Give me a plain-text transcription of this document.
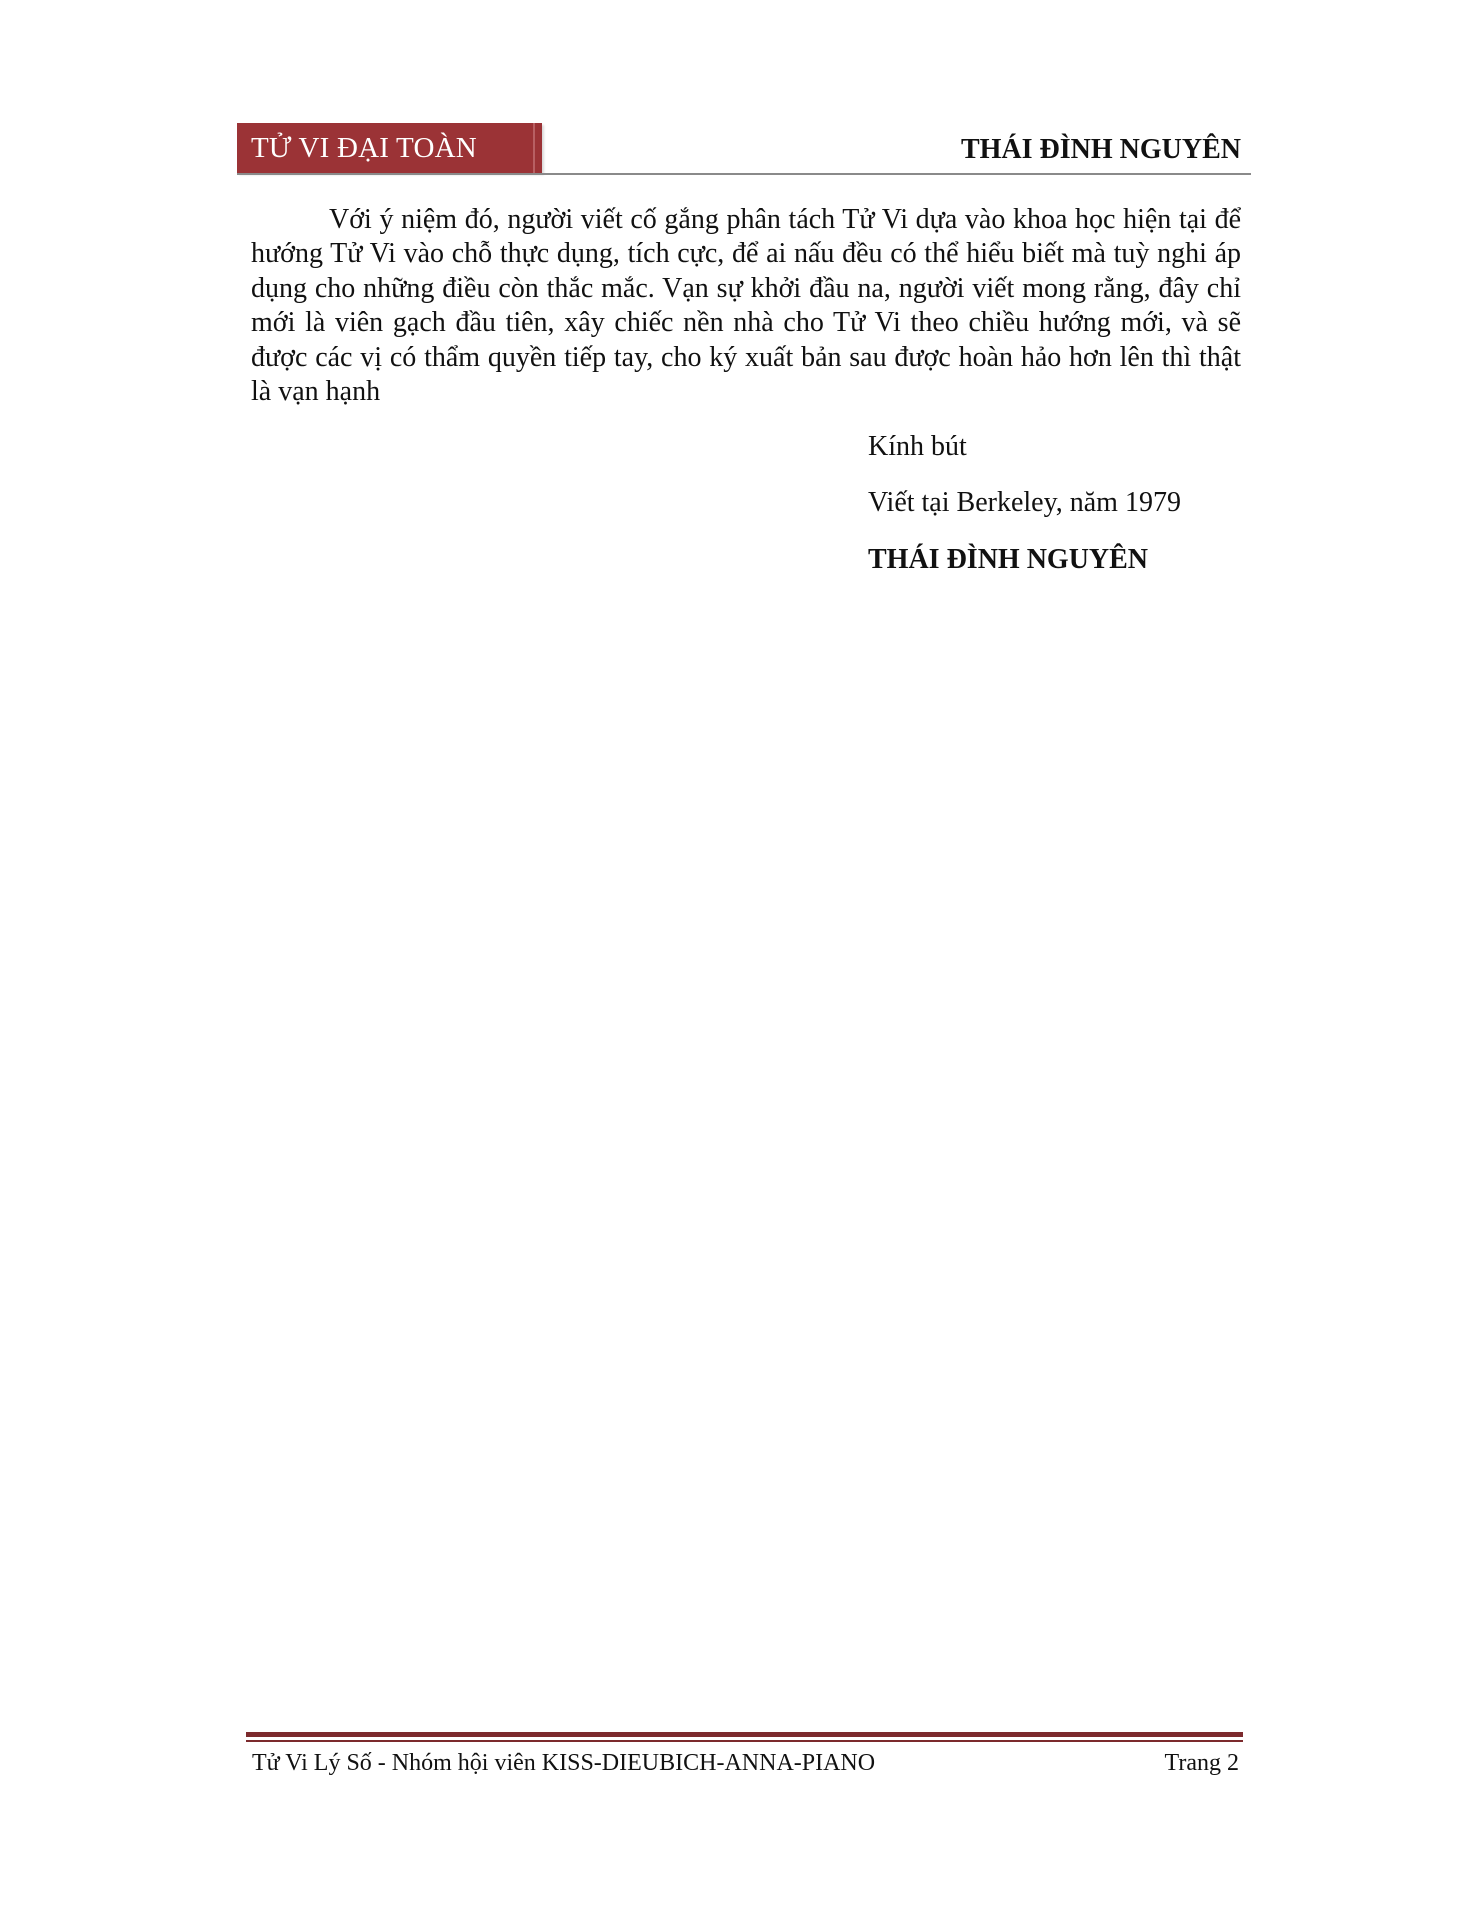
TỬ VI ĐẠI TOÀN	THÁI ĐÌNH NGUYÊN

Với ý niệm đó, người viết cố gắng phân tách Tử Vi dựa vào khoa học hiện tại để hướng Tử Vi vào chỗ thực dụng, tích cực, để ai nấu đều có thể hiểu biết mà tuỳ nghi áp dụng cho những điều còn thắc mắc. Vạn sự khởi đầu na, người viết mong rằng, đây chỉ mới là viên gạch đầu tiên, xây chiếc nền nhà cho Tử Vi theo chiều hướng mới, và sẽ được các vị có thẩm quyền tiếp tay, cho ký xuất bản sau được hoàn hảo hơn lên thì thật là vạn hạnh

Kính bút

Viết tại Berkeley, năm 1979

THÁI ĐÌNH NGUYÊN

Tử Vi Lý Số - Nhóm hội viên KISS-DIEUBICH-ANNA-PIANO	Trang 2
